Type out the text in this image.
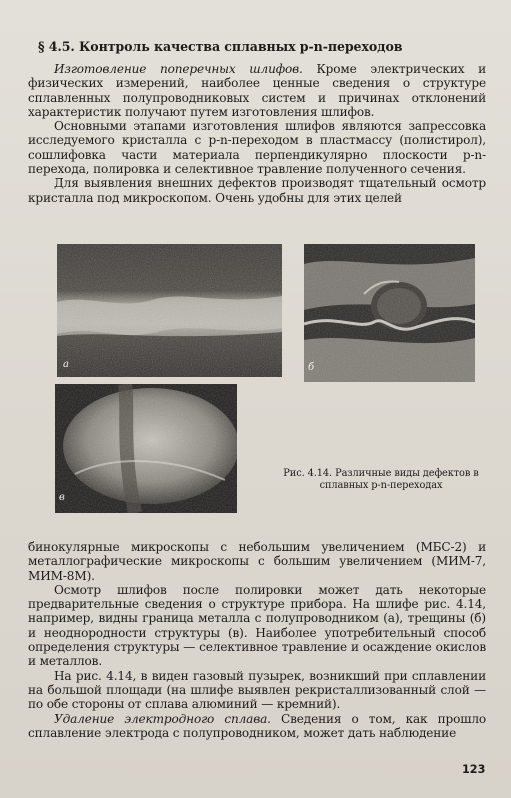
§ 4.5. Контроль качества сплавных p-n-переходов

Изготовление поперечных шлифов. Кроме электрических и физических измерений, наиболее ценные сведения о структуре сплавленных полупроводниковых систем и причинах отклонений характеристик получают путем изготовления шлифов.

Основными этапами изготовления шлифов являются запрессовка исследуемого кристалла с p-n-переходом в пластмассу (полистирол), сошлифовка части материала перпендикулярно плоскости p-n-перехода, полировка и селективное травление полученного сечения.

Для выявления внешних дефектов производят тщательный осмотр кристалла под микроскопом. Очень удобны для этих целей

а	б
в
Рис. 4.14. Различные виды дефектов в сплавных p-n-переходах

бинокулярные микроскопы с небольшим увеличением (МБС-2) и металлографические микроскопы с большим увеличением (МИМ-7, МИМ-8М).

Осмотр шлифов после полировки может дать некоторые предварительные сведения о структуре прибора. На шлифе рис. 4.14, например, видны граница металла с полупроводником (а), трещины (б) и неоднородности структуры (в). Наиболее употребительный способ определения структуры — селективное травление и осаждение окислов и металлов.

На рис. 4.14, в виден газовый пузырек, возникший при сплавлении на большой площади (на шлифе выявлен рекристаллизованный слой — по обе стороны от сплава алюминий — кремний).

Удаление электродного сплава. Сведения о том, как прошло сплавление электрода с полупроводником, может дать наблюдение

123
